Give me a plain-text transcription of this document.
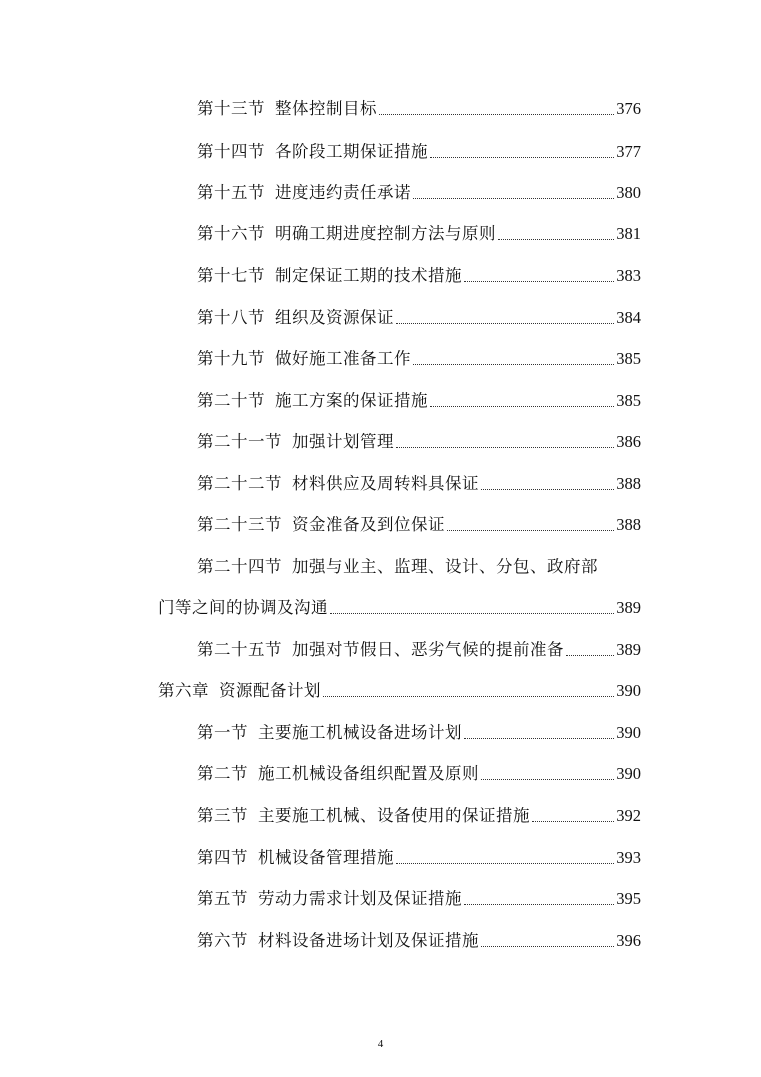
第十三节 整体控制目标	376
第十四节 各阶段工期保证措施	377
第十五节 进度违约责任承诺	380
第十六节 明确工期进度控制方法与原则	381
第十七节 制定保证工期的技术措施	383
第十八节 组织及资源保证	384
第十九节 做好施工准备工作	385
第二十节 施工方案的保证措施	385
第二十一节 加强计划管理	386
第二十二节 材料供应及周转料具保证	388
第二十三节 资金准备及到位保证	388
第二十四节 加强与业主、监理、设计、分包、政府部
门等之间的协调及沟通	389
第二十五节 加强对节假日、恶劣气候的提前准备	389
第六章 资源配备计划	390
第一节 主要施工机械设备进场计划	390
第二节 施工机械设备组织配置及原则	390
第三节 主要施工机械、设备使用的保证措施	392
第四节 机械设备管理措施	393
第五节 劳动力需求计划及保证措施	395
第六节 材料设备进场计划及保证措施	396
4
